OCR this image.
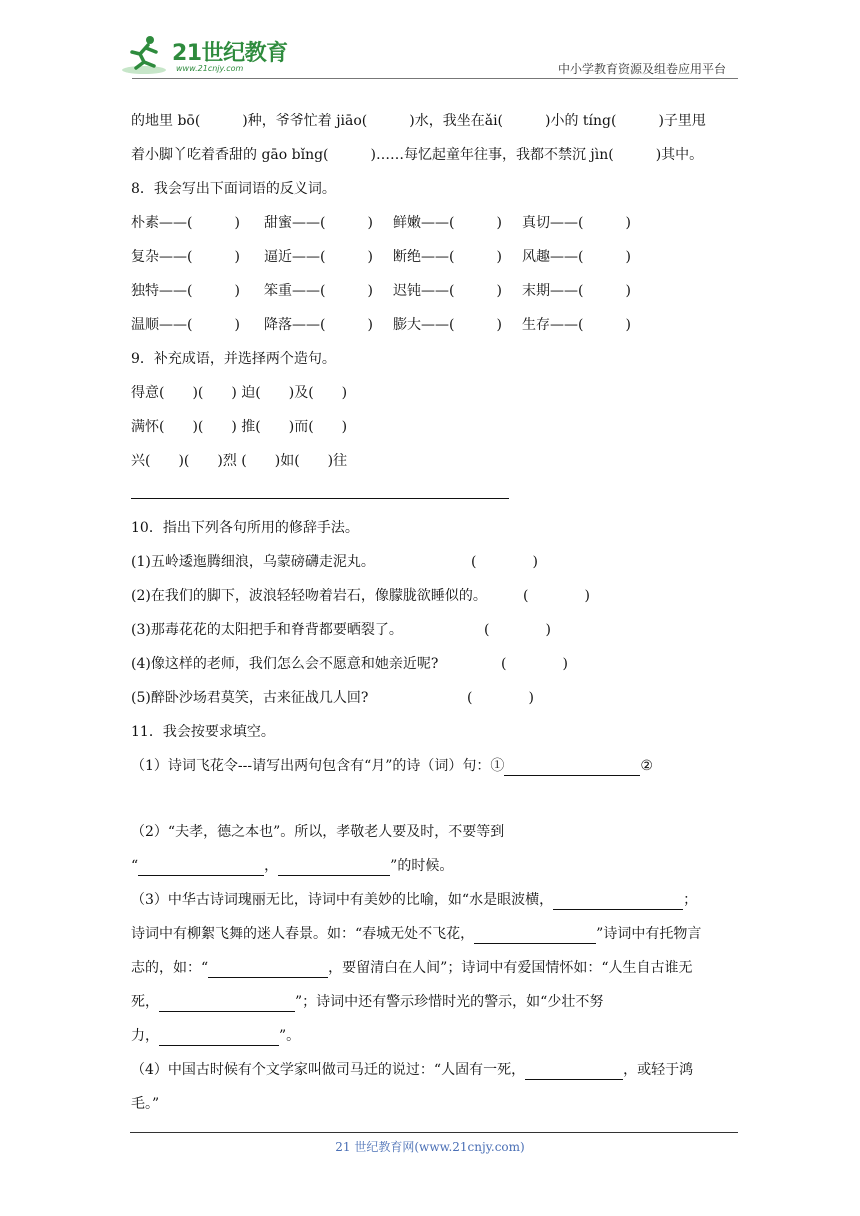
21世纪教育
www.21cnjy.com	中小学教育资源及组卷应用平台
的地里 bō(　　　)种，爷爷忙着 jiāo(　　　)水，我坐在ǎi(　　　)小的 tíng(　　　)子里甩
着小脚丫吃着香甜的 gāo bǐng(　　　)……每忆起童年往事，我都不禁沉 jìn(　　　)其中。
8．我会写出下面词语的反义词。
朴素——(　　　) 甜蜜——(　　　) 鲜嫩——(　　　) 真切——(　　　)
复杂——(　　　) 逼近——(　　　) 断绝——(　　　) 风趣——(　　　)
独特——(　　　) 笨重——(　　　) 迟钝——(　　　) 末期——(　　　)
温顺——(　　　) 降落——(　　　) 膨大——(　　　) 生存——(　　　)
9．补充成语，并选择两个造句。
得意(　　)(　　) 迫(　　)及(　　)
满怀(　　)(　　) 推(　　)而(　　)
兴(　　)(　　)烈 (　　)如(　　)往
10．指出下列各句所用的修辞手法。
(1)五岭逶迤腾细浪，乌蒙磅礴走泥丸。	(　　　　)
(2)在我们的脚下，波浪轻轻吻着岩石，像朦胧欲睡似的。	(　　　　)
(3)那毒花花的太阳把手和脊背都要晒裂了。	(　　　　)
(4)像这样的老师，我们怎么会不愿意和她亲近呢?	(　　　　)
(5)醉卧沙场君莫笑，古来征战几人回?	(　　　　)
11．我会按要求填空。
（1）诗词飞花令---请写出两句包含有“月”的诗（词）句：①	②
（2）“夫孝，德之本也”。所以，孝敬老人要及时，不要等到
“	，	”的时候。
（3）中华古诗词瑰丽无比，诗词中有美妙的比喻，如“水是眼波横，	；
诗词中有柳絮飞舞的迷人春景。如：“春城无处不飞花，	”诗词中有托物言
志的，如：“	，要留清白在人间”；诗词中有爱国情怀如：“人生自古谁无
死，	”；诗词中还有警示珍惜时光的警示，如“少壮不努
力，	”。
（4）中国古时候有个文学家叫做司马迁的说过：“人固有一死，	，或轻于鸿
毛。”
21 世纪教育网(www.21cnjy.com)
